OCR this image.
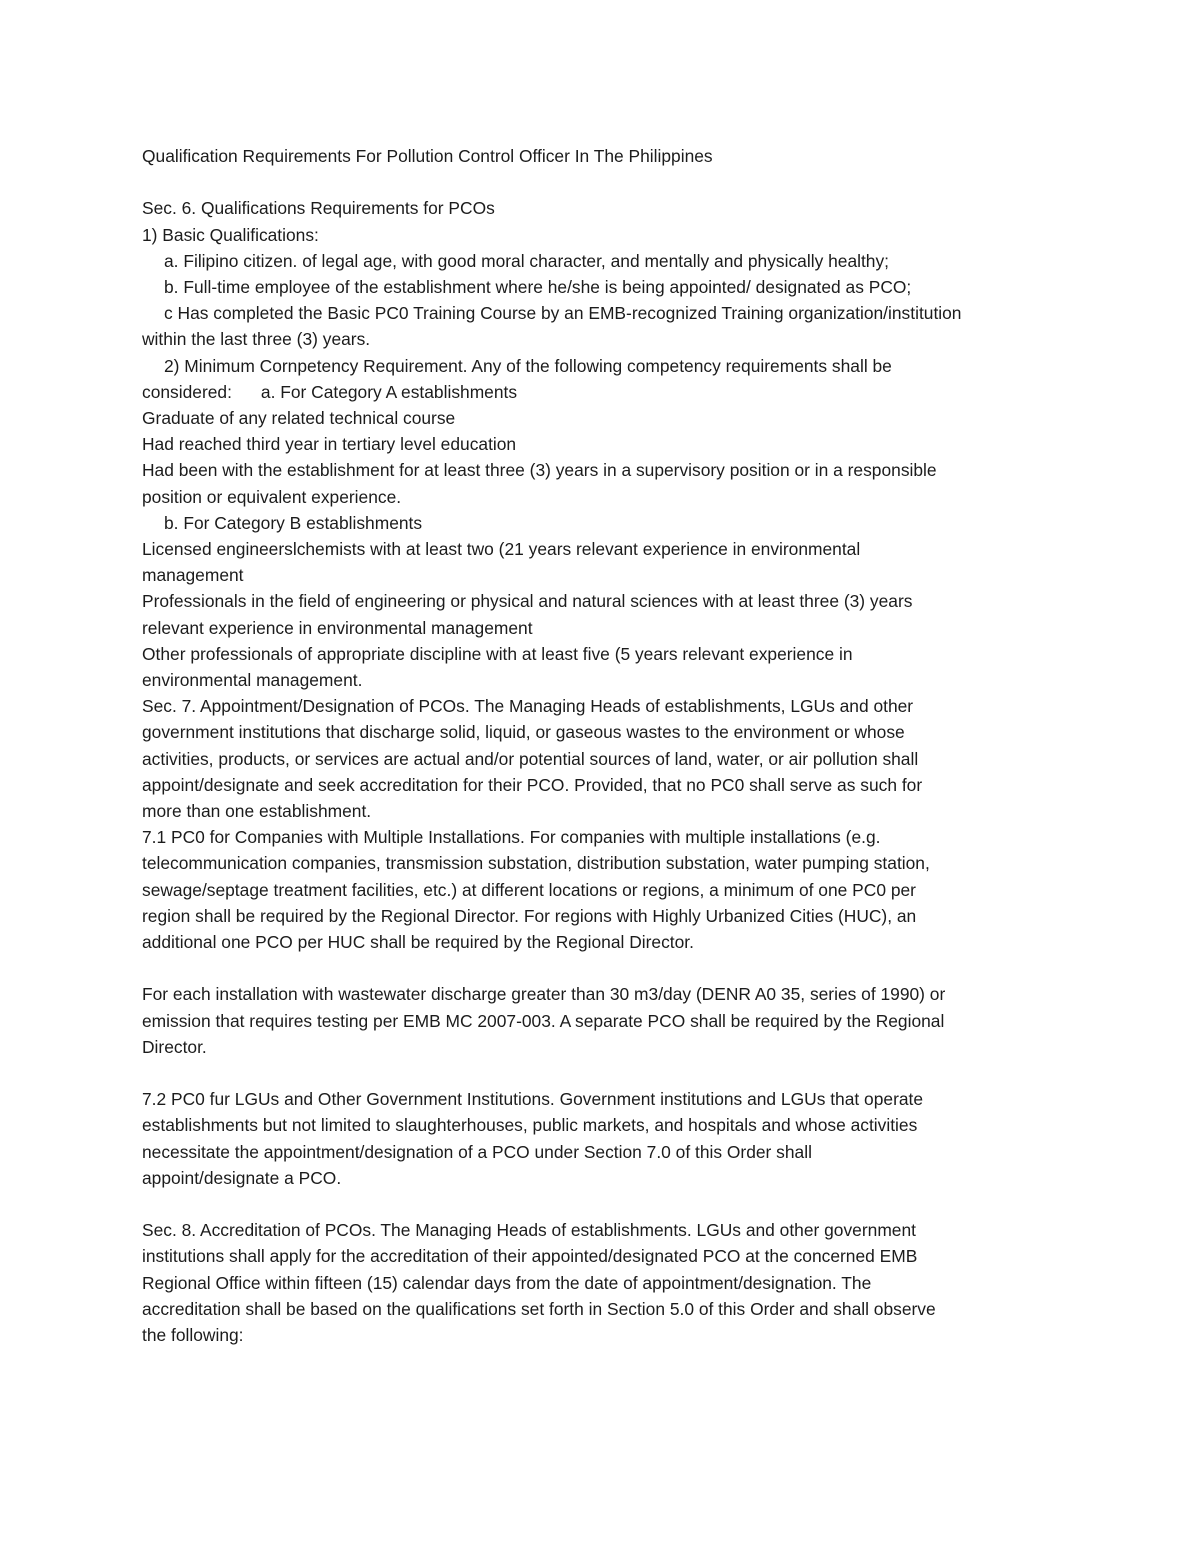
Qualification Requirements For Pollution Control Officer In The Philippines

Sec. 6. Qualifications Requirements for PCOs

1) Basic Qualifications:

a. Filipino citizen. of legal age, with good moral character, and mentally and physically healthy;

b. Full-time employee of the establishment where he/she is being appointed/ designated as PCO;

c Has completed the Basic PC0 Training Course by an EMB-recognized Training organization/institution

within the last three (3) years.

2) Minimum Cornpetency Requirement. Any of the following competency requirements shall be

considered:      a. For Category A establishments

Graduate of any related technical course

Had reached third year in tertiary level education

Had been with the establishment for at least three (3) years in a supervisory position or in a responsible

position or equivalent experience.

b. For Category B establishments

Licensed engineerslchemists with at least two (21 years relevant experience in environmental

management

Professionals in the field of engineering or physical and natural sciences with at least three (3) years

relevant experience in environmental management

Other professionals of appropriate discipline with at least five (5 years relevant experience in

environmental management.

Sec. 7. Appointment/Designation of PCOs. The Managing Heads of establishments, LGUs and other

government institutions that discharge solid, liquid, or gaseous wastes to the environment or whose

activities, products, or services are actual and/or potential sources of land, water, or air pollution shall

appoint/designate and seek accreditation for their PCO. Provided, that no PC0 shall serve as such for

more than one establishment.

7.1 PC0 for Companies with Multiple Installations. For companies with multiple installations (e.g.

telecommunication companies, transmission substation, distribution substation, water pumping station,

sewage/septage treatment facilities, etc.) at different locations or regions, a minimum of one PC0 per

region shall be required by the Regional Director. For regions with Highly Urbanized Cities (HUC), an

additional one PCO per HUC shall be required by the Regional Director.

For each installation with wastewater discharge greater than 30 m3/day (DENR A0 35, series of 1990) or

emission that requires testing per EMB MC 2007-003. A separate PCO shall be required by the Regional

Director.

7.2 PC0 fur LGUs and Other Government Institutions. Government institutions and LGUs that operate

establishments but not limited to slaughterhouses, public markets, and hospitals and whose activities

necessitate the appointment/designation of a PCO under Section 7.0 of this Order shall

appoint/designate a PCO.

Sec. 8. Accreditation of PCOs. The Managing Heads of establishments. LGUs and other government

institutions shall apply for the accreditation of their appointed/designated PCO at the concerned EMB

Regional Office within fifteen (15) calendar days from the date of appointment/designation. The

accreditation shall be based on the qualifications set forth in Section 5.0 of this Order and shall observe

the following:
